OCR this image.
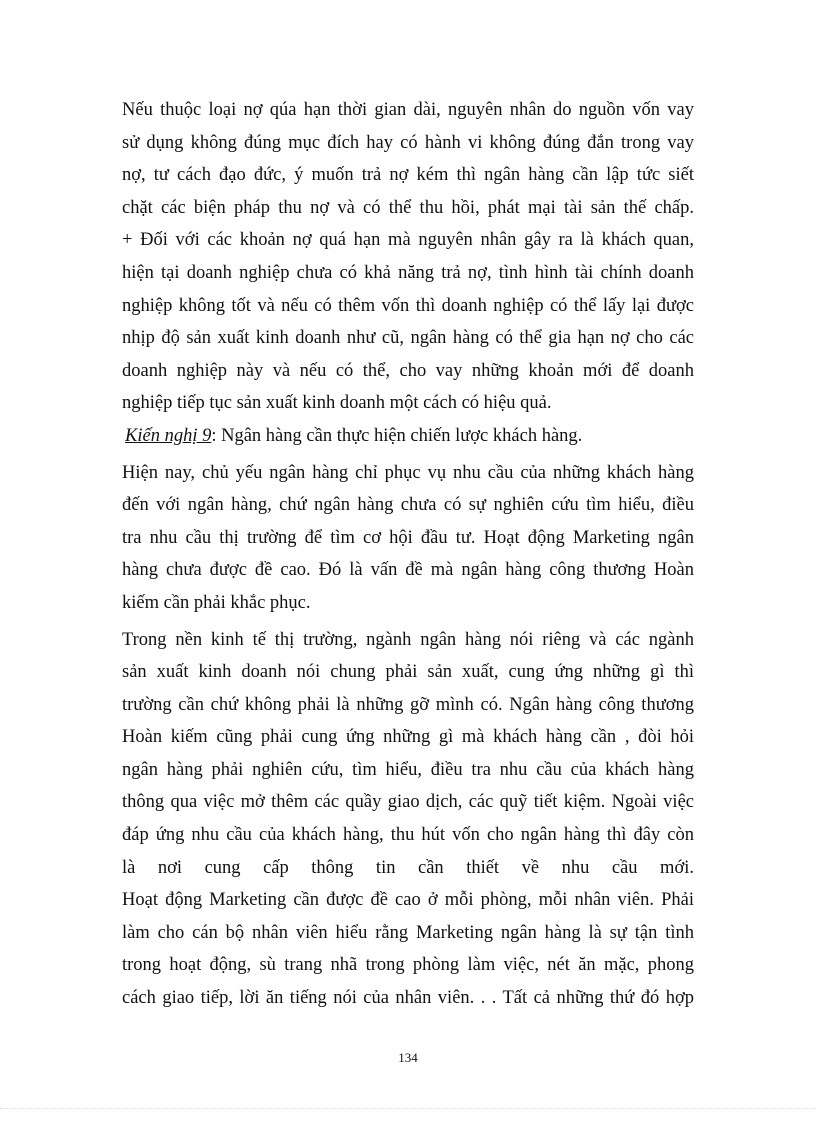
Nếu thuộc loại nợ qúa hạn thời gian dài, nguyên nhân do nguồn vốn vay
sử dụng không đúng mục đích hay có hành vi không đúng đắn trong vay
nợ, tư cách đạo đức, ý muốn trả nợ kém thì ngân hàng cần lập tức siết
chặt các biện pháp thu nợ và có thể thu hồi, phát mại tài sản thế chấp.
+ Đối với các khoản nợ quá hạn mà nguyên nhân gây ra là khách quan,
hiện tại doanh nghiệp chưa có khả năng trả nợ, tình hình tài chính doanh
nghiệp không tốt và nếu có thêm vốn thì doanh nghiệp có thể lấy lại được
nhịp độ sản xuất kinh doanh như cũ, ngân hàng có thể gia hạn nợ cho các
doanh nghiệp này và nếu có thể, cho vay những khoản mới để doanh
nghiệp tiếp tục sản xuất kinh doanh một cách có hiệu quả.
Kiến nghị 9: Ngân hàng cần thực hiện chiến lược khách hàng.
Hiện nay, chủ yếu ngân hàng chỉ phục vụ nhu cầu của những khách hàng
đến với ngân hàng, chứ ngân hàng chưa có sự nghiên cứu tìm hiểu, điều
tra nhu cầu thị trường để tìm cơ hội đầu tư. Hoạt động Marketing ngân
hàng chưa được đề cao. Đó là vấn đề mà ngân hàng công thương Hoàn
kiếm cần phải khắc phục.
Trong nền kinh tế thị trường, ngành ngân hàng nói riêng và các ngành
sản xuất kinh doanh nói chung phải sản xuất, cung ứng những gì thì
trường cần chứ không phải là những gỡ mình có. Ngân hàng công thương
Hoàn kiếm cũng phải cung ứng những gì mà khách hàng cần , đòi hỏi
ngân hàng phải nghiên cứu, tìm hiểu, điều tra nhu cầu của khách hàng
thông qua việc mở thêm các quầy giao dịch, các quỹ tiết kiệm. Ngoài việc
đáp ứng nhu cầu của khách hàng, thu hút vốn cho ngân hàng thì đây còn
là nơi cung cấp thông tin cần thiết về nhu cầu mới.
Hoạt động Marketing cần được đề cao ở mỗi phòng, mỗi nhân viên. Phải
làm cho cán bộ nhân viên hiểu rằng Marketing ngân hàng là sự tận tình
trong hoạt động, sù trang nhã trong phòng làm việc, nét ăn mặc, phong
cách giao tiếp, lời ăn tiếng nói của nhân viên. . . Tất cả những thứ đó hợp
134
